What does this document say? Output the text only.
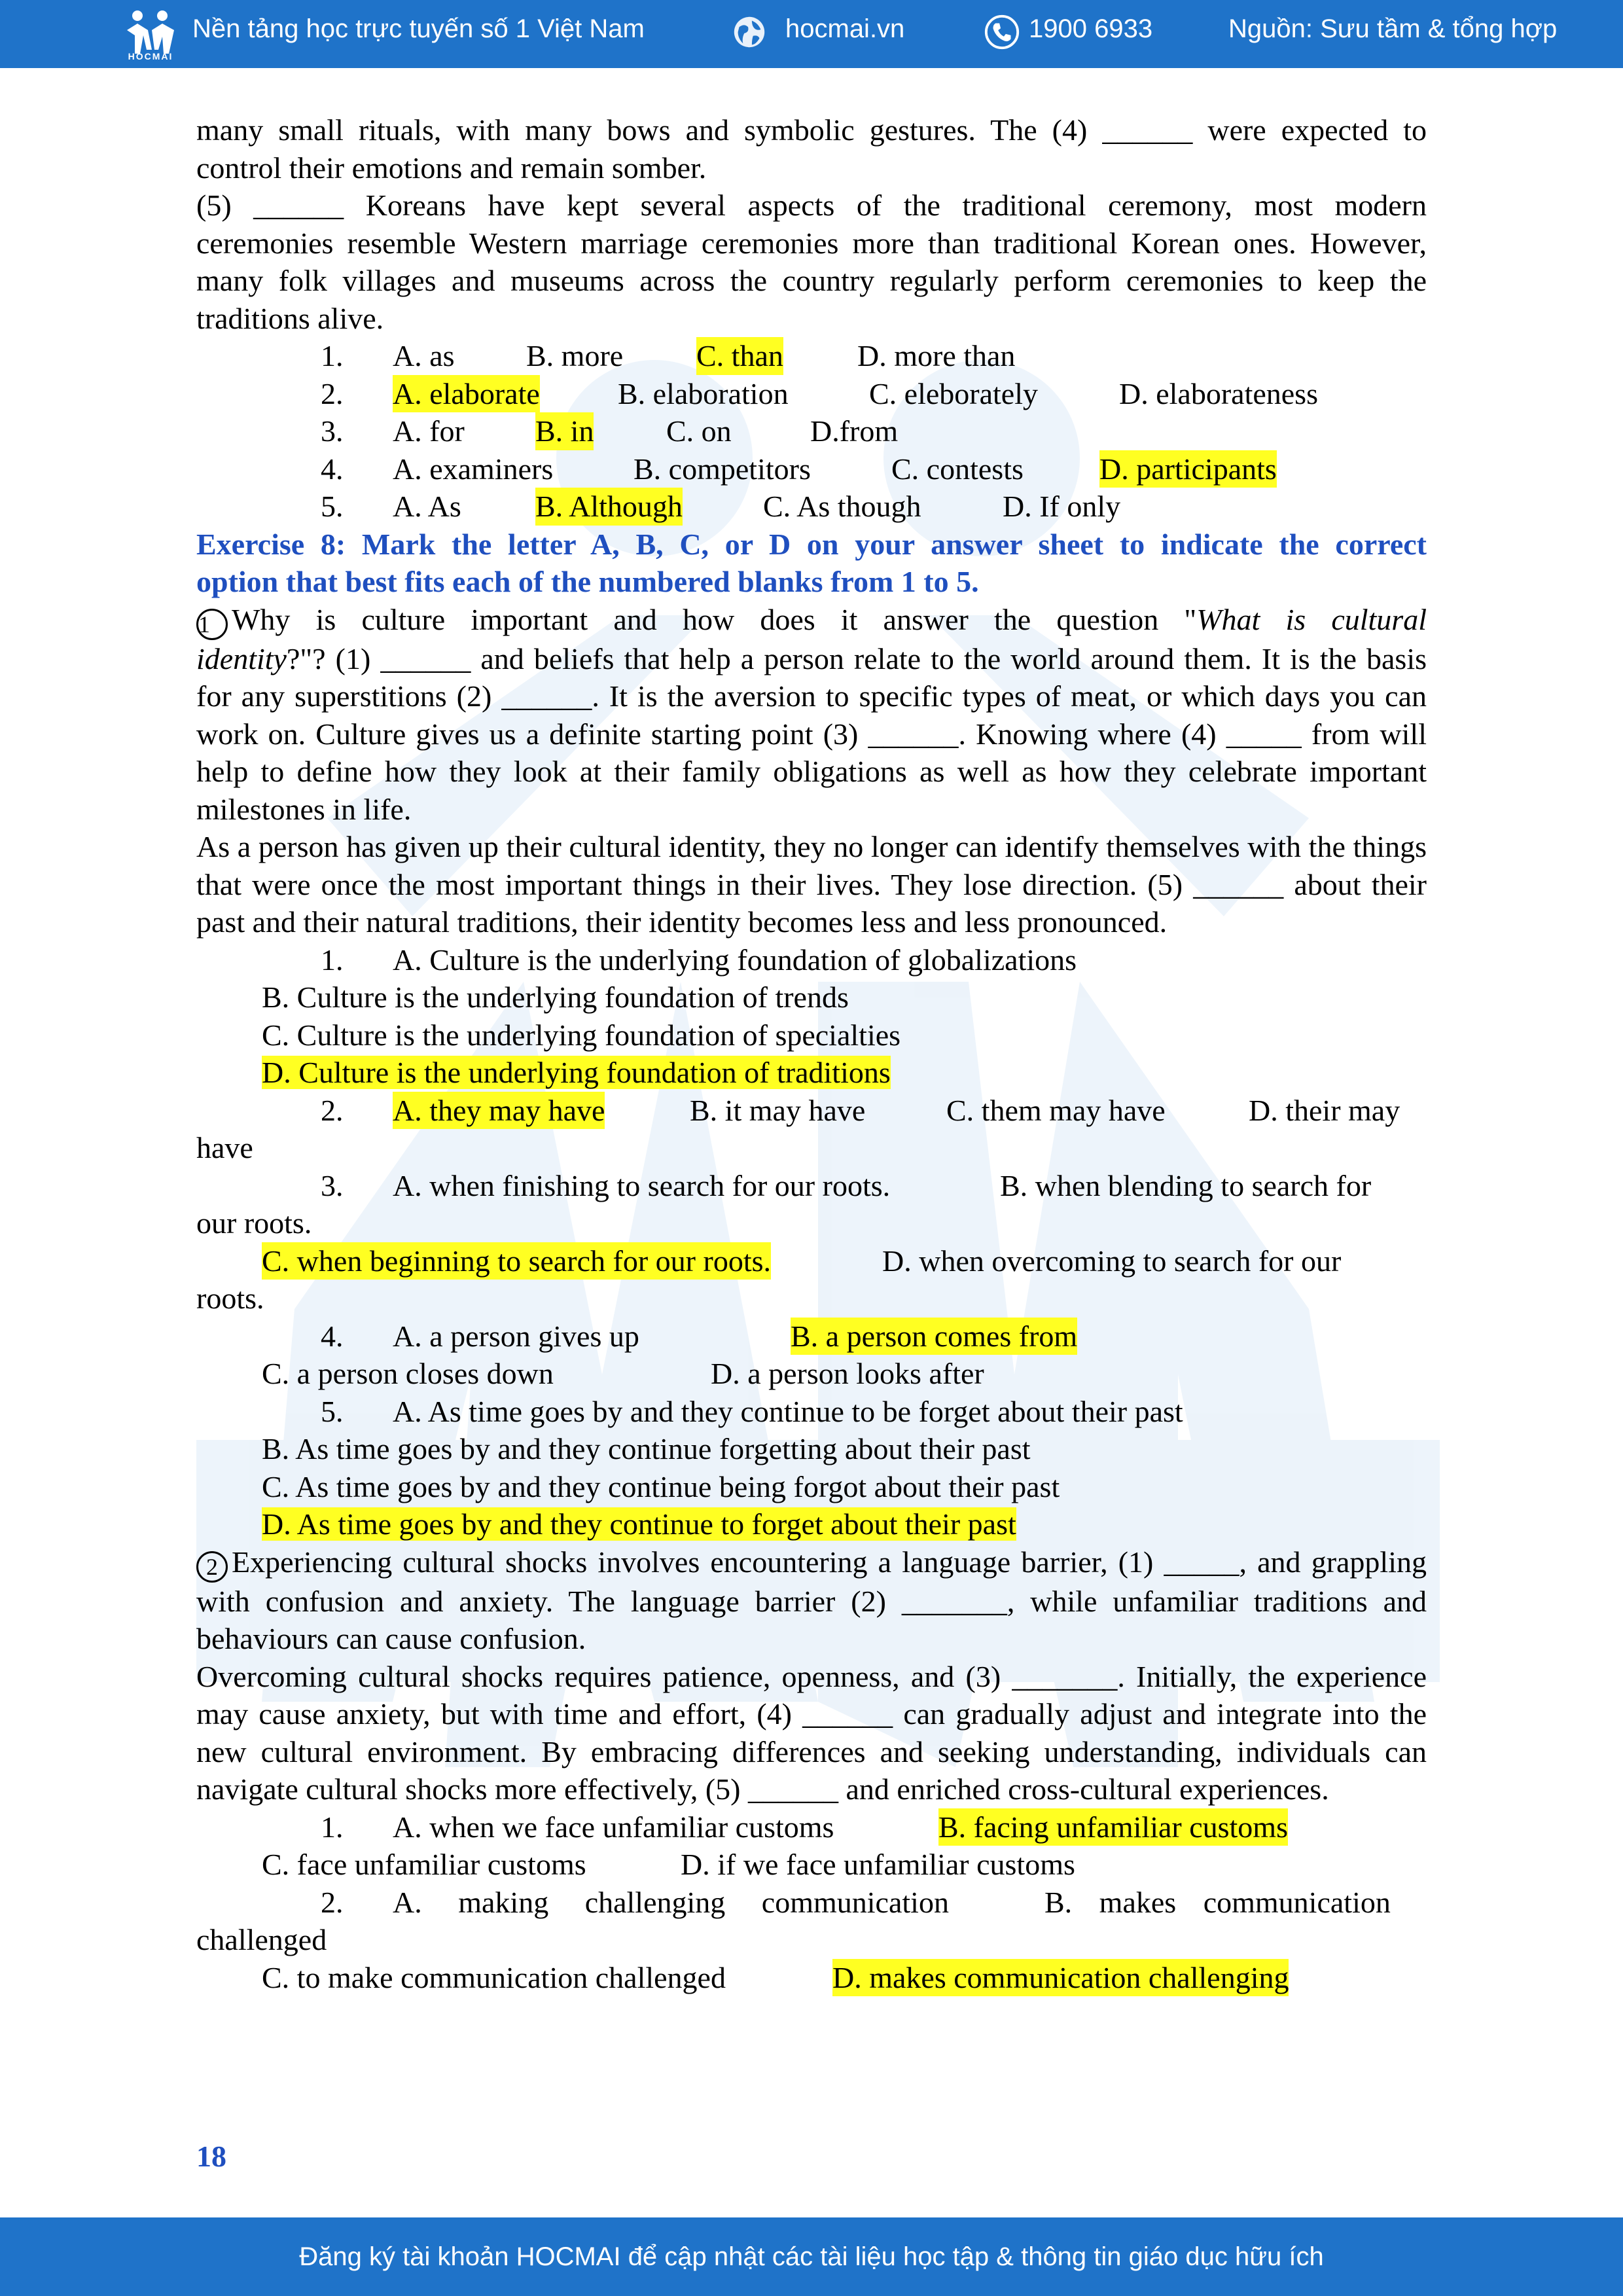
HOCMAI
Nền tảng học trực tuyến số 1 Việt Nam	hocmai.vn	1900 6933	Nguồn: Sưu tầm & tổng hợp

many small rituals, with many bows and symbolic gestures. The (4) ______ were expected to

control their emotions and remain somber.

(5) ______ Koreans have kept several aspects of the traditional ceremony, most modern

ceremonies resemble Western marriage ceremonies more than traditional Korean ones. However, many folk villages and museums across the country regularly perform ceremonies to keep the traditions alive.

1. A. as B. more C. than D. more than
2. A. elaborate	B. elaboration	C. eleborately	D. elaborateness
3. A. for B. in C. on	D.from
4. A. examiners	B. competitors	C. contests	D. participants
5. A. As B. Although	C. As though	D. If only

Exercise 8: Mark the letter A, B, C, or D on your answer sheet to indicate the correct

option that best fits each of the numbered blanks from 1 to 5.

1 Why is culture important and how does it answer the question "What is cultural

identity?"? (1) ______ and beliefs that help a person relate to the world around them. It is the basis for any superstitions (2) ______. It is the aversion to specific types of meat, or which days you can work on. Culture gives us a definite starting point (3) ______. Knowing where (4) _____ from will help to define how they look at their family obligations as well as how they celebrate important milestones in life.

As a person has given up their cultural identity, they no longer can identify themselves with the things that were once the most important things in their lives. They lose direction. (5) ______ about their past and their natural traditions, their identity becomes less and less pronounced.

1. A. Culture is the underlying foundation of globalizations

B. Culture is the underlying foundation of trends

C. Culture is the underlying foundation of specialties

D. Culture is the underlying foundation of traditions

2. A. they may have	B. it may have	C. them may have	D. their may

have

3. A. when finishing to search for our roots.	B. when blending to search for

our roots.

C. when beginning to search for our roots.	D. when overcoming to search for our

roots.

4. A. a person gives up	B. a person comes from
C. a person closes down	D. a person looks after
5. A. As time goes by and they continue to be forget about their past

B. As time goes by and they continue forgetting about their past

C. As time goes by and they continue being forgot about their past

D. As time goes by and they continue to forget about their past

2 Experiencing cultural shocks involves encountering a language barrier, (1) _____, and grappling with confusion and anxiety. The language barrier (2) _______, while unfamiliar traditions and behaviours can cause confusion.

Overcoming cultural shocks requires patience, openness, and (3) _______. Initially, the experience may cause anxiety, but with time and effort, (4) ______ can gradually adjust and integrate into the new cultural environment. By embracing differences and seeking understanding, individuals can navigate cultural shocks more effectively, (5) ______ and enriched cross-cultural experiences.

1. A. when we face unfamiliar customs	B. facing unfamiliar customs
C. face unfamiliar customs	D. if we face unfamiliar customs
2. A. making challenging communication	B. makes communication

challenged

C. to make communication challenged	D. makes communication challenging
18
Đăng ký tài khoản HOCMAI để cập nhật các tài liệu học tập & thông tin giáo dục hữu ích
